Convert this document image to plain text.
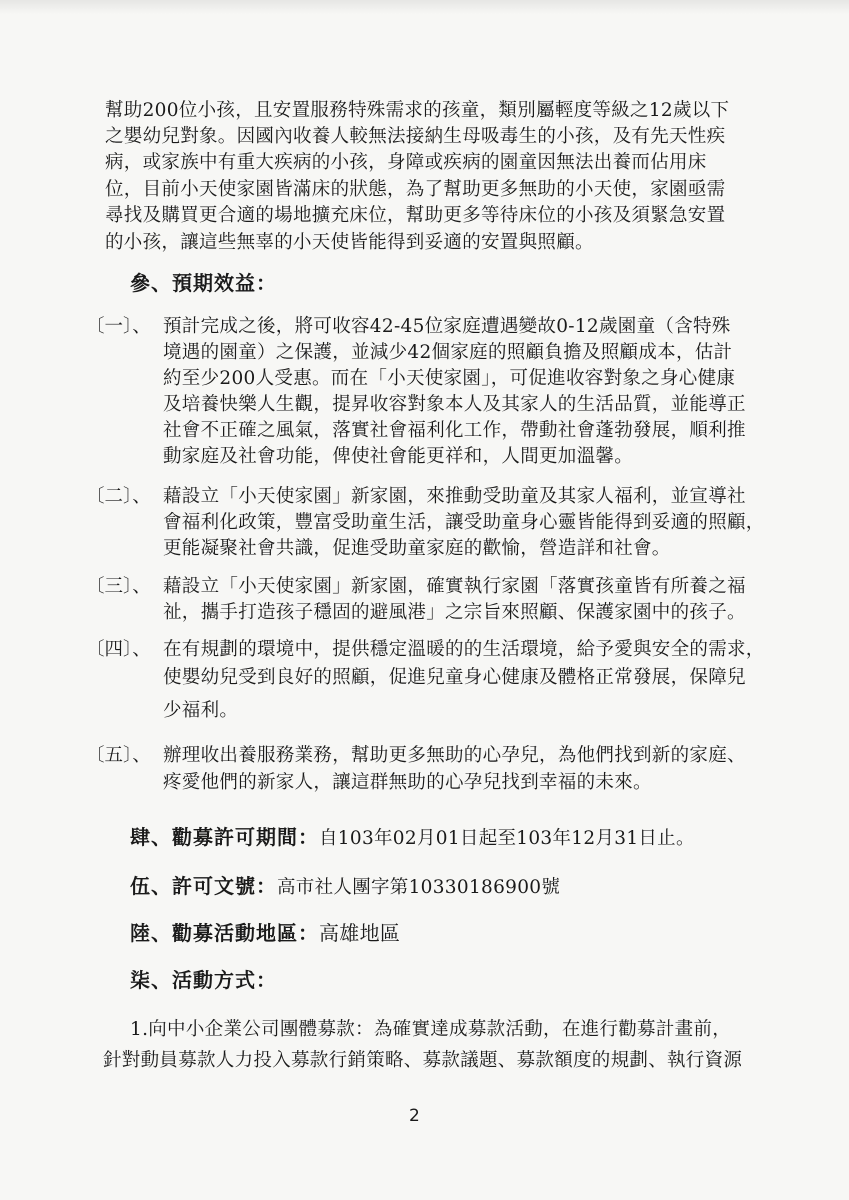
幫助200位小孩，且安置服務特殊需求的孩童，類別屬輕度等級之12歲以下
之嬰幼兒對象。因國內收養人較無法接納生母吸毒生的小孩，及有先天性疾
病，或家族中有重大疾病的小孩，身障或疾病的園童因無法出養而佔用床
位，目前小天使家園皆滿床的狀態，為了幫助更多無助的小天使，家園亟需
尋找及購買更合適的場地擴充床位，幫助更多等待床位的小孩及須緊急安置
的小孩，讓這些無辜的小天使皆能得到妥適的安置與照顧。
參、預期效益：
〔一〕、 預計完成之後，將可收容42-45位家庭遭遇變故0-12歲園童（含特殊
境遇的園童）之保護，並減少42個家庭的照顧負擔及照顧成本，估計
約至少200人受惠。而在「小天使家園」，可促進收容對象之身心健康
及培養快樂人生觀，提昇收容對象本人及其家人的生活品質，並能導正
社會不正確之風氣，落實社會福利化工作，帶動社會蓬勃發展，順利推
動家庭及社會功能，俾使社會能更祥和，人間更加溫馨。
〔二〕、 藉設立「小天使家園」新家園，來推動受助童及其家人福利，並宣導社
會福利化政策，豐富受助童生活，讓受助童身心靈皆能得到妥適的照顧，
更能凝聚社會共識，促進受助童家庭的歡愉，營造詳和社會。
〔三〕、 藉設立「小天使家園」新家園，確實執行家園「落實孩童皆有所養之福
祉，攜手打造孩子穩固的避風港」之宗旨來照顧、保護家園中的孩子。
〔四〕、 在有規劃的環境中，提供穩定溫暖的的生活環境，給予愛與安全的需求，
使嬰幼兒受到良好的照顧，促進兒童身心健康及體格正常發展，保障兒
少福利。
〔五〕、 辦理收出養服務業務，幫助更多無助的心孕兒，為他們找到新的家庭、
疼愛他們的新家人，讓這群無助的心孕兒找到幸福的未來。
肆、勸募許可期間：自103年02月01日起至103年12月31日止。
伍、許可文號：高市社人團字第10330186900號
陸、勸募活動地區：高雄地區
柒、活動方式：
1.向中小企業公司團體募款：為確實達成募款活動，在進行勸募計畫前，
針對動員募款人力投入募款行銷策略、募款議題、募款額度的規劃、執行資源
2
